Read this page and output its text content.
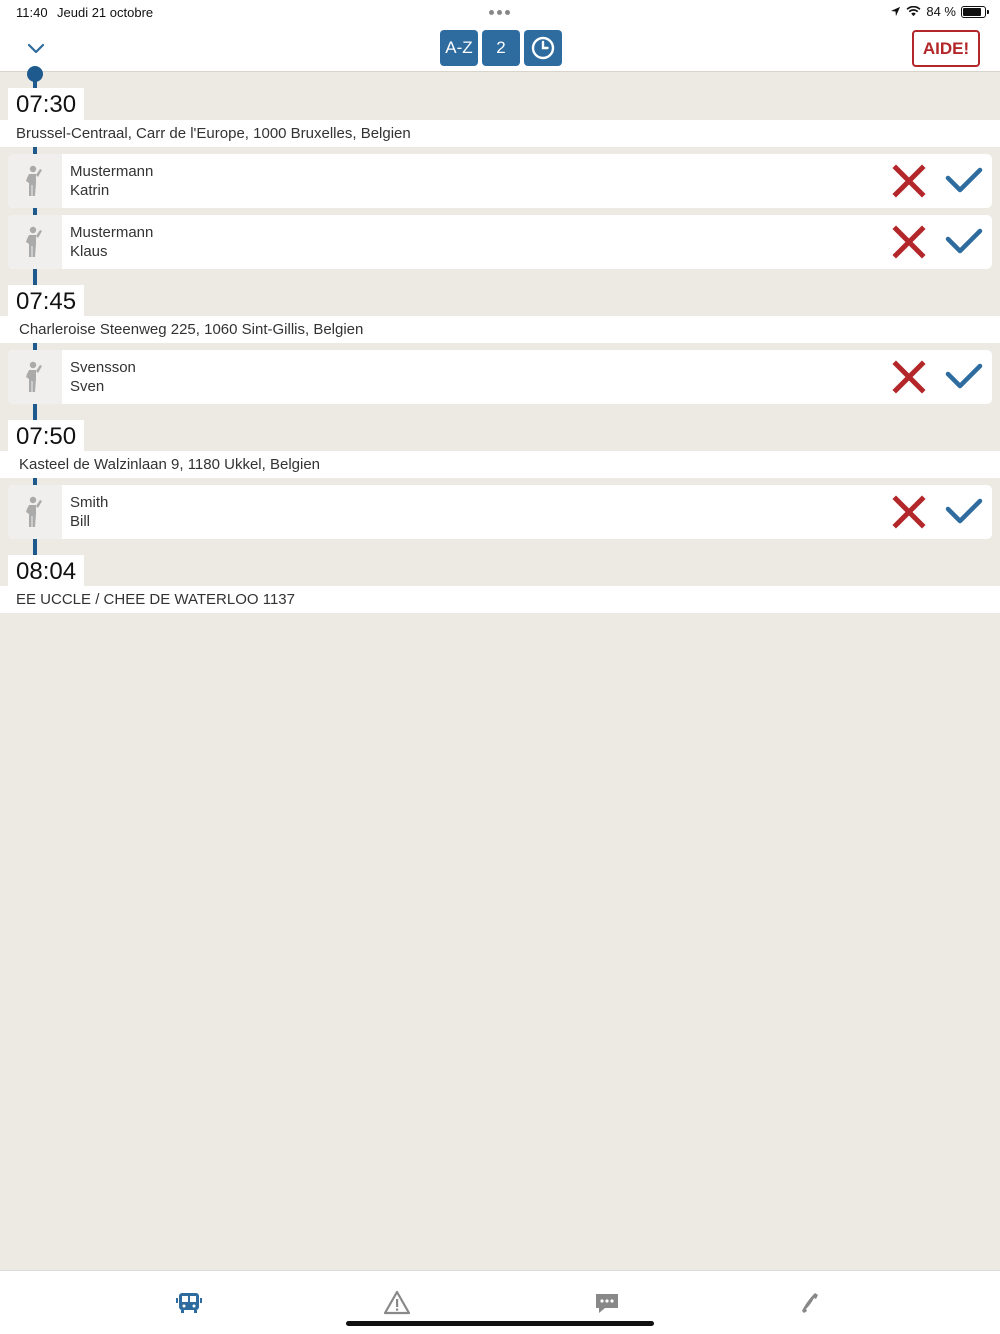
11:40 Jeudi 21 octobre	84 %
A-Z	2	AIDE!
07:30
Brussel-Centraal, Carr de l'Europe, 1000 Bruxelles, Belgien
Mustermann
Katrin
Mustermann
Klaus
07:45
Charleroise Steenweg 225, 1060 Sint-Gillis, Belgien
Svensson
Sven
07:50
Kasteel de Walzinlaan 9, 1180 Ukkel, Belgien
Smith
Bill
08:04
EE UCCLE / CHEE DE WATERLOO 1137
